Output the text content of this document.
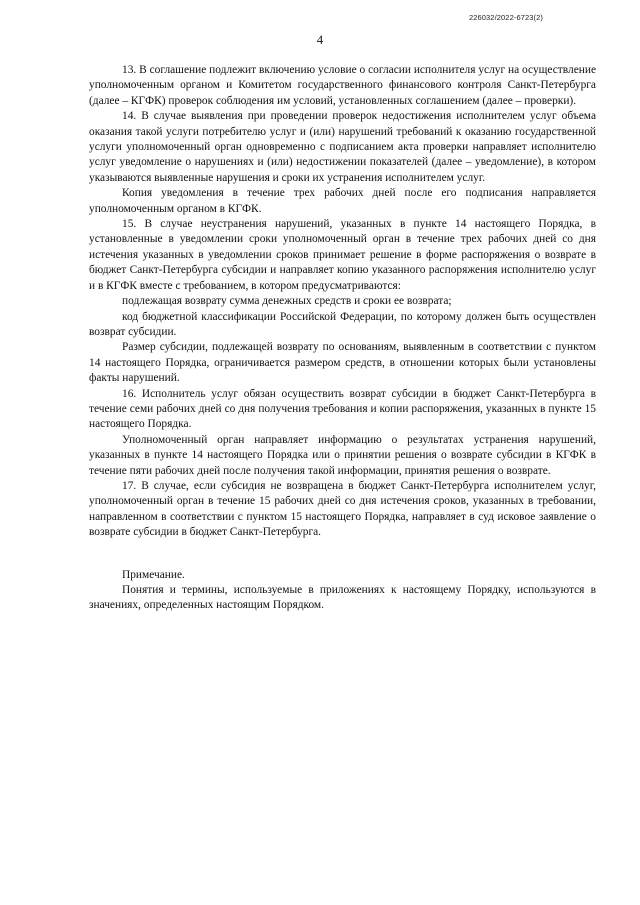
226032/2022-6723(2)
4

13. В соглашение подлежит включению условие о согласии исполнителя услуг на осуществление уполномоченным органом и Комитетом государственного финансового контроля Санкт-Петербурга (далее – КГФК) проверок соблюдения им условий, установленных соглашением (далее – проверки).

14. В случае выявления при проведении проверок недостижения исполнителем услуг объема оказания такой услуги потребителю услуг и (или) нарушений требований к оказанию государственной услуги уполномоченный орган одновременно с подписанием акта проверки направляет исполнителю услуг уведомление о нарушениях и (или) недостижении показателей (далее – уведомление), в котором указываются выявленные нарушения и сроки их устранения исполнителем услуг.

Копия уведомления в течение трех рабочих дней после его подписания направляется уполномоченным органом в КГФК.

15. В случае неустранения нарушений, указанных в пункте 14 настоящего Порядка, в установленные в уведомлении сроки уполномоченный орган в течение трех рабочих дней со дня истечения указанных в уведомлении сроков принимает решение в форме распоряжения о возврате в бюджет Санкт-Петербурга субсидии и направляет копию указанного распоряжения исполнителю услуг и в КГФК вместе с требованием, в котором предусматриваются:

подлежащая возврату сумма денежных средств и сроки ее возврата;

код бюджетной классификации Российской Федерации, по которому должен быть осуществлен возврат субсидии.

Размер субсидии, подлежащей возврату по основаниям, выявленным в соответствии с пунктом 14 настоящего Порядка, ограничивается размером средств, в отношении которых были установлены факты нарушений.

16. Исполнитель услуг обязан осуществить возврат субсидии в бюджет Санкт-Петербурга в течение семи рабочих дней со дня получения требования и копии распоряжения, указанных в пункте 15 настоящего Порядка.

Уполномоченный орган направляет информацию о результатах устранения нарушений, указанных в пункте 14 настоящего Порядка или о принятии решения о возврате субсидии в КГФК в течение пяти рабочих дней после получения такой информации, принятия решения о возврате.

17. В случае, если субсидия не возвращена в бюджет Санкт-Петербурга исполнителем услуг, уполномоченный орган в течение 15 рабочих дней со дня истечения сроков, указанных в требовании, направленном в соответствии с пунктом 15 настоящего Порядка, направляет в суд исковое заявление о возврате субсидии в бюджет Санкт-Петербурга.

Примечание.

Понятия и термины, используемые в приложениях к настоящему Порядку, используются в значениях, определенных настоящим Порядком.
